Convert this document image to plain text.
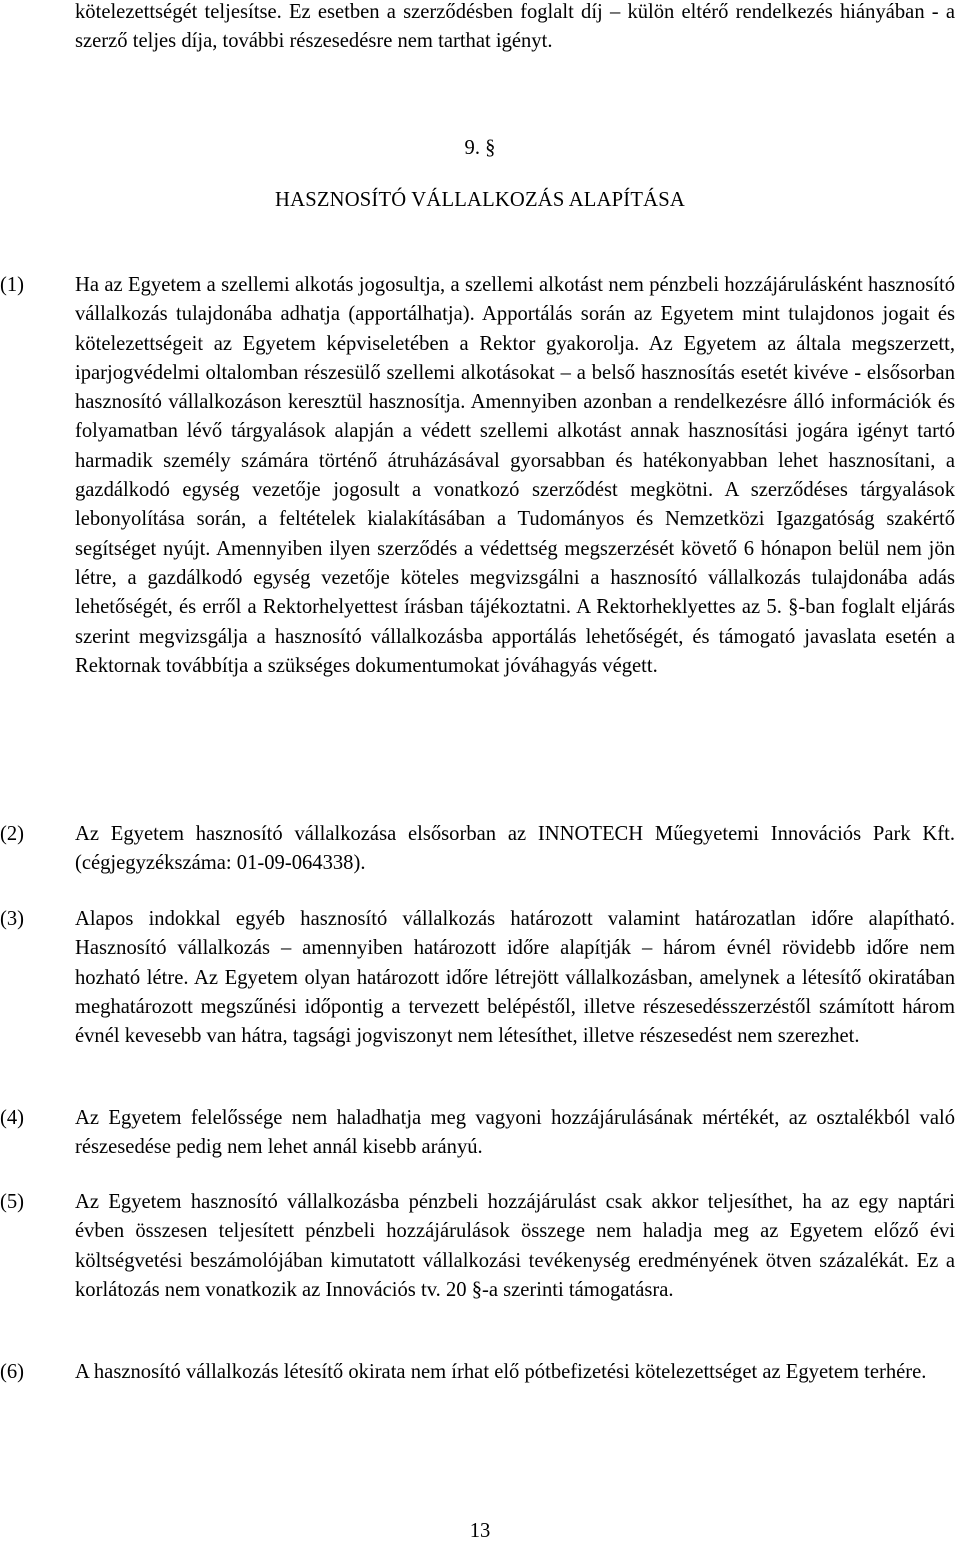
kötelezettségét teljesítse. Ez esetben a szerződésben foglalt díj – külön eltérő rendelkezés hiányában - a szerző teljes díja, további részesedésre nem tarthat igényt.
9. §
HASZNOSÍTÓ VÁLLALKOZÁS ALAPÍTÁSA
(1) Ha az Egyetem a szellemi alkotás jogosultja, a szellemi alkotást nem pénzbeli hozzájárulásként hasznosító vállalkozás tulajdonába adhatja (apportálhatja). Apportálás során az Egyetem mint tulajdonos jogait és kötelezettségeit az Egyetem képviseletében a Rektor gyakorolja. Az Egyetem az általa megszerzett, iparjogvédelmi oltalomban részesülő szellemi alkotásokat – a belső hasznosítás esetét kivéve - elsősorban hasznosító vállalkozáson keresztül hasznosítja. Amennyiben azonban a rendelkezésre álló információk és folyamatban lévő tárgyalások alapján a védett szellemi alkotást annak hasznosítási jogára igényt tartó harmadik személy számára történő átruházásával gyorsabban és hatékonyabban lehet hasznosítani, a gazdálkodó egység vezetője jogosult a vonatkozó szerződést megkötni. A szerződéses tárgyalások lebonyolítása során, a feltételek kialakításában a Tudományos és Nemzetközi Igazgatóság szakértő segítséget nyújt. Amennyiben ilyen szerződés a védettség megszerzését követő 6 hónapon belül nem jön létre, a gazdálkodó egység vezetője köteles megvizsgálni a hasznosító vállalkozás tulajdonába adás lehetőségét, és erről a Rektorhelyettest írásban tájékoztatni. A Rektorheklyettes az 5. §-ban foglalt eljárás szerint megvizsgálja a hasznosító vállalkozásba apportálás lehetőségét, és támogató javaslata esetén a Rektornak továbbítja a szükséges dokumentumokat jóváhagyás végett.
(2) Az Egyetem hasznosító vállalkozása elsősorban az INNOTECH Műegyetemi Innovációs Park Kft. (cégjegyzékszáma: 01-09-064338).
(3) Alapos indokkal egyéb hasznosító vállalkozás határozott valamint határozatlan időre alapítható. Hasznosító vállalkozás – amennyiben határozott időre alapítják – három évnél rövidebb időre nem hozható létre. Az Egyetem olyan határozott időre létrejött vállalkozásban, amelynek a létesítő okiratában meghatározott megszűnési időpontig a tervezett belépéstől, illetve részesedésszerzéstől számított három évnél kevesebb van hátra, tagsági jogviszonyt nem létesíthet, illetve részesedést nem szerezhet.
(4) Az Egyetem felelőssége nem haladhatja meg vagyoni hozzájárulásának mértékét, az osztalékból való részesedése pedig nem lehet annál kisebb arányú.
(5) Az Egyetem hasznosító vállalkozásba pénzbeli hozzájárulást csak akkor teljesíthet, ha az egy naptári évben összesen teljesített pénzbeli hozzájárulások összege nem haladja meg az Egyetem előző évi költségvetési beszámolójában kimutatott vállalkozási tevékenység eredményének ötven százalékát. Ez a korlátozás nem vonatkozik az Innovációs tv. 20 §-a szerinti támogatásra.
(6) A hasznosító vállalkozás létesítő okirata nem írhat elő pótbefizetési kötelezettséget az Egyetem terhére.
13
